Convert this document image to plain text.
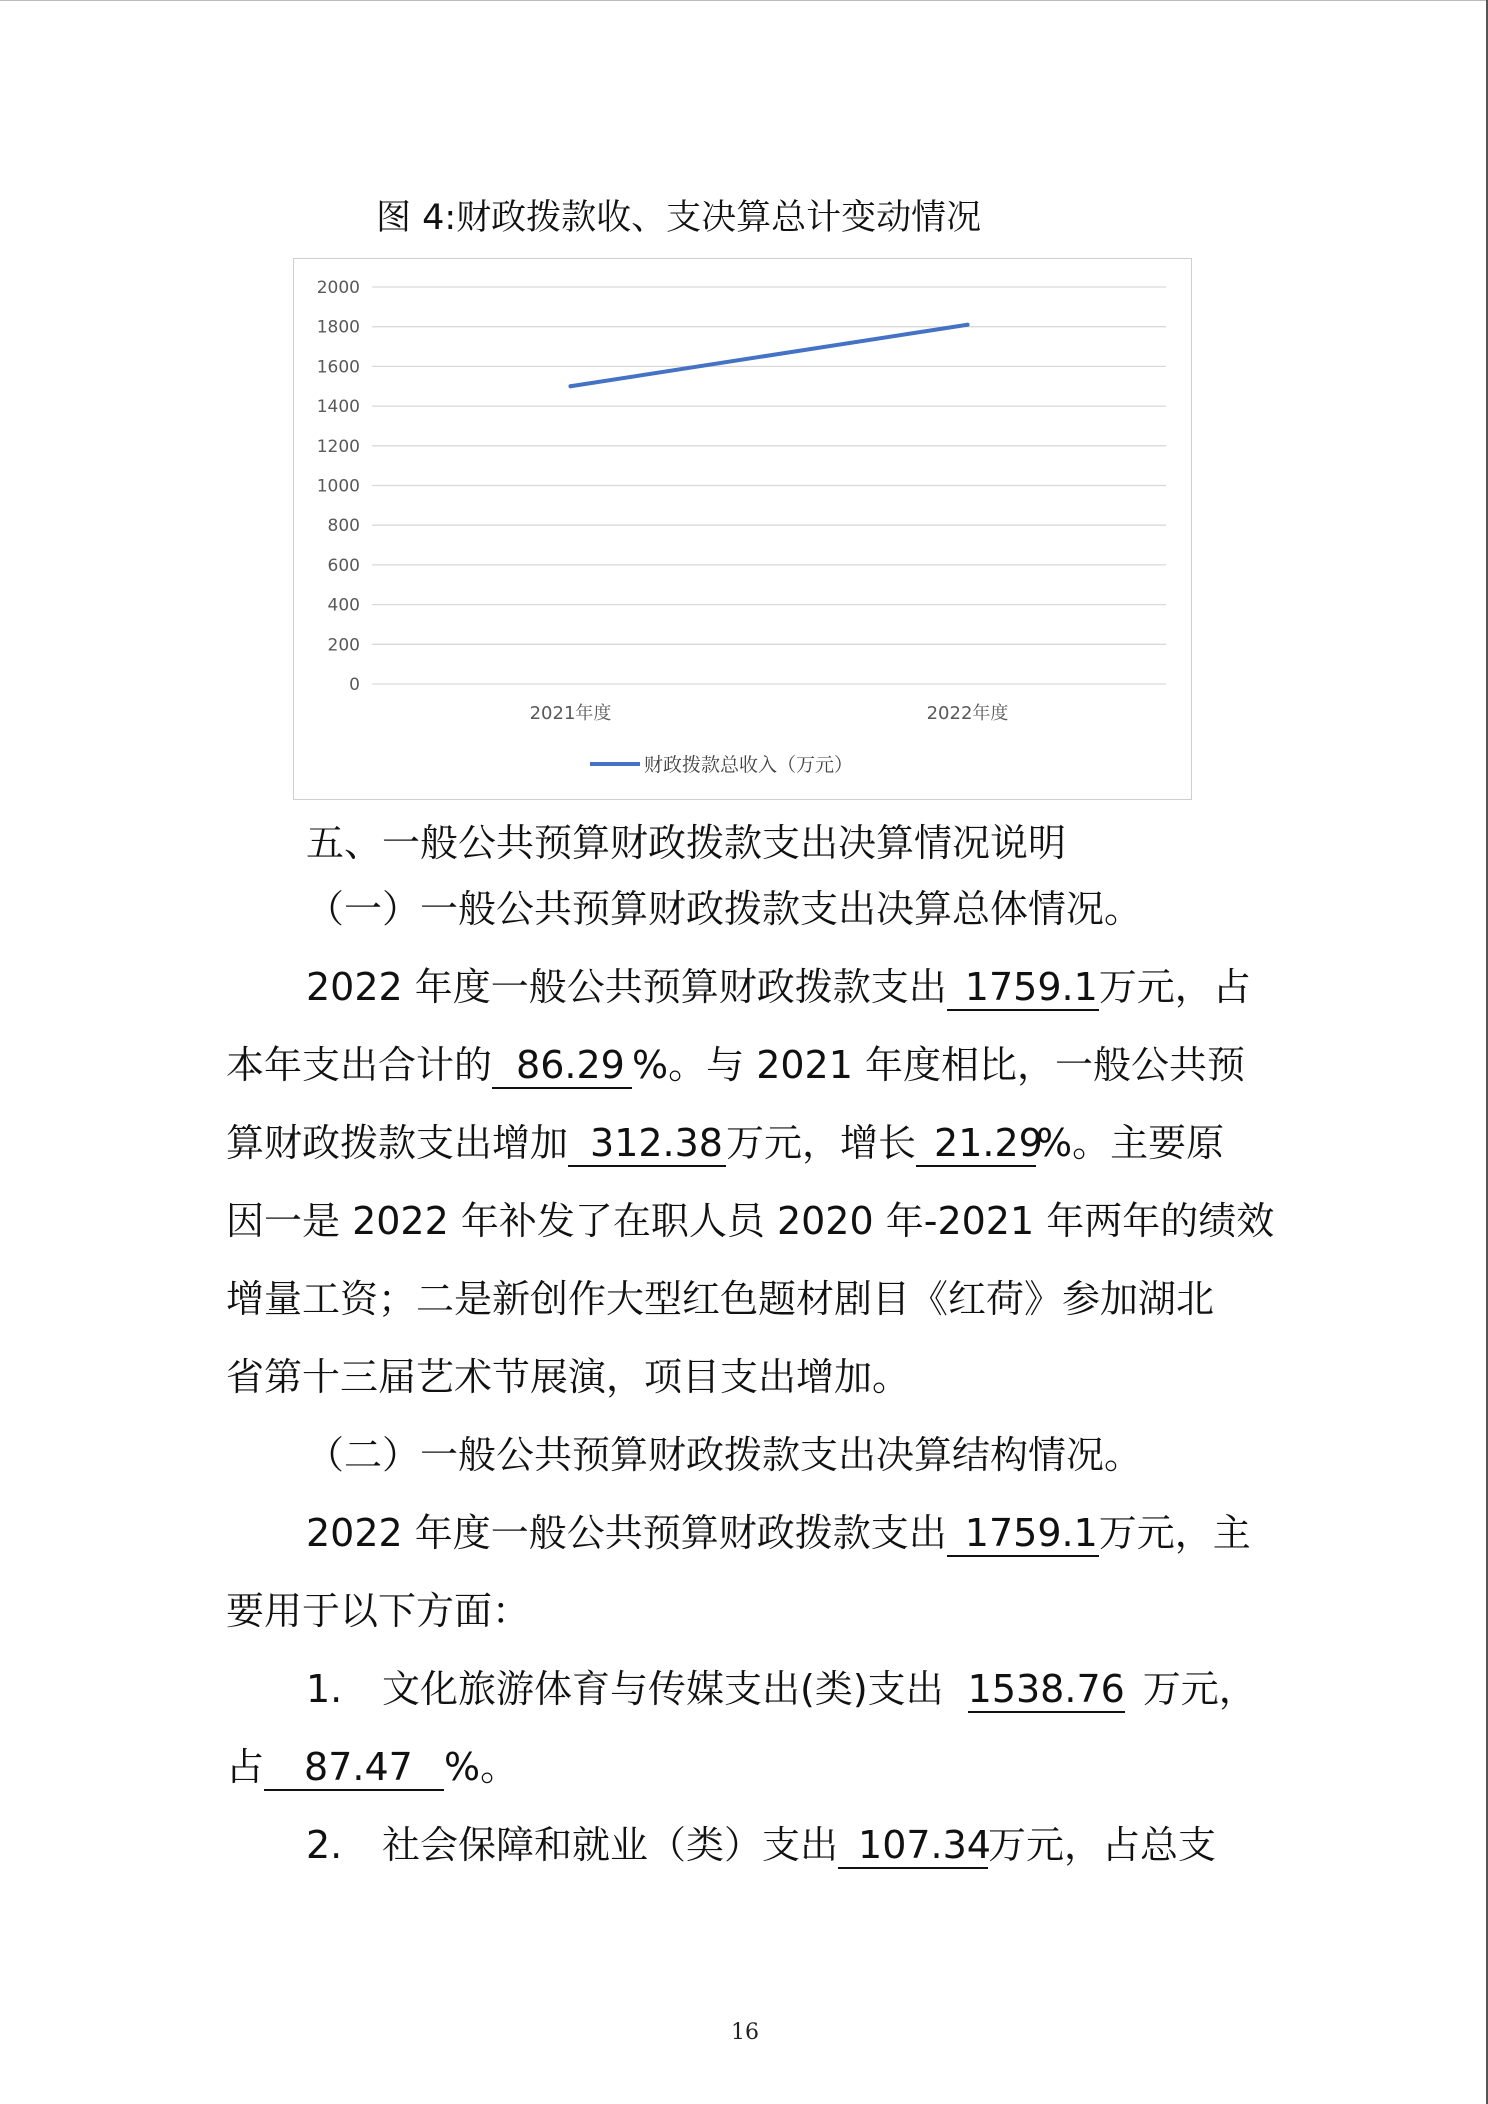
图 4:财政拨款收、支决算总计变动情况
2000
1800
1600
1400
1200
1000
800
600
400
200
0
2021年度	2022年度
财政拨款总收入（万元）
五、一般公共预算财政拨款支出决算情况说明
（一）一般公共预算财政拨款支出决算总体情况。
2022 年度一般公共预算财政拨款支出 1759.1万元，占
本年支出合计的 86.29 %。与 2021 年度相比，一般公共预
算财政拨款支出增加 312.38万元，增长 21.29%。主要原
因一是 2022 年补发了在职人员 2020 年-2021 年两年的绩效
增量工资；二是新创作大型红色题材剧目《红荷》参加湖北
省第十三届艺术节展演，项目支出增加。
（二）一般公共预算财政拨款支出决算结构情况。
2022 年度一般公共预算财政拨款支出 1759.1万元，主
要用于以下方面：
1. 文化旅游体育与传媒支出(类)支出 1538.76 万元，
占 87.47 %。
2. 社会保障和就业（类）支出 107.34万元，占总支
16
